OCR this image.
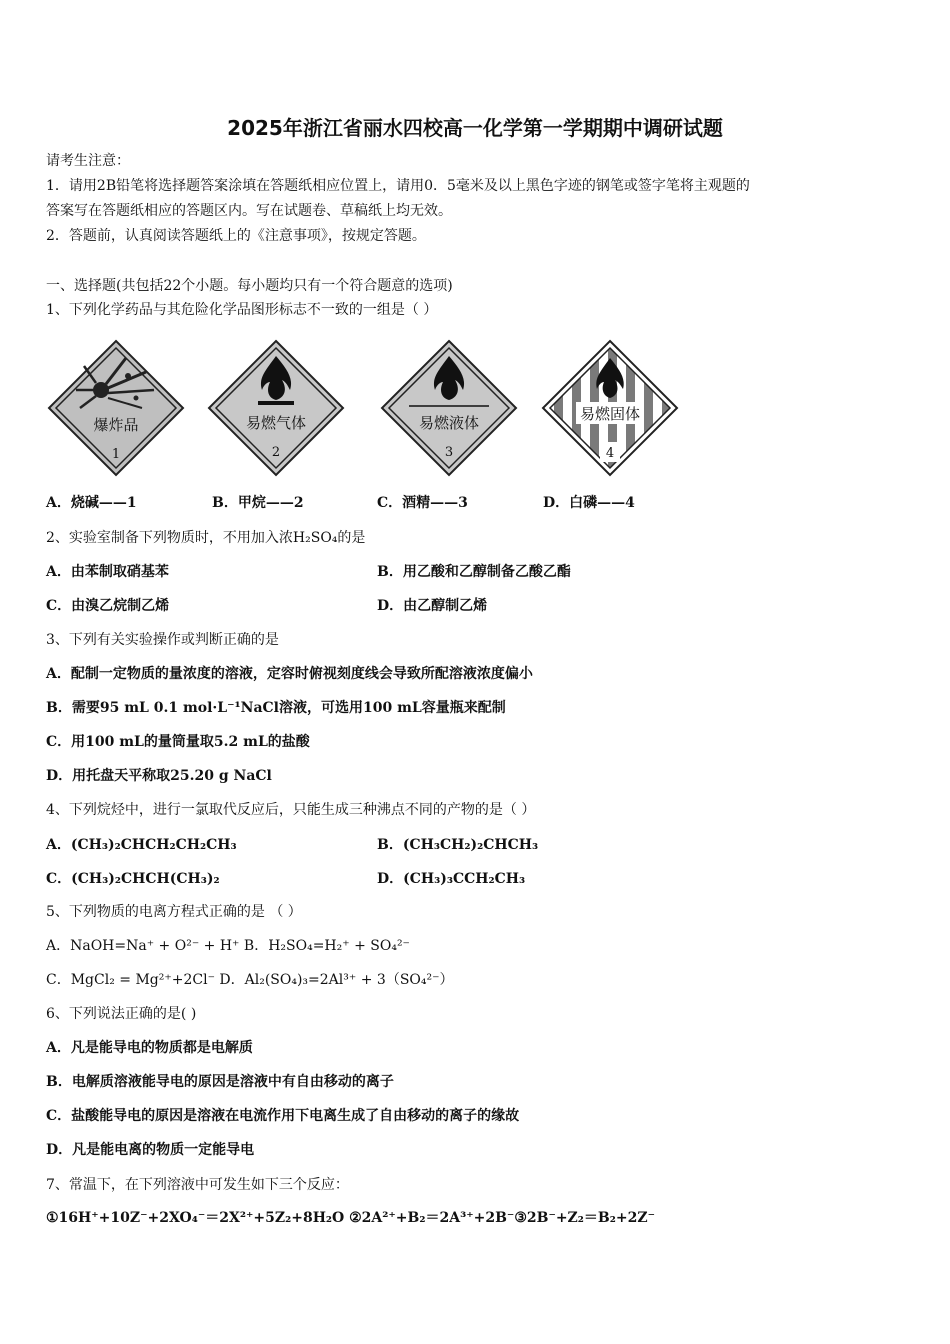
2025年浙江省丽水四校高一化学第一学期期中调研试题
请考生注意：
1．请用2B铅笔将选择题答案涂填在答题纸相应位置上，请用0．5毫米及以上黑色字迹的钢笔或签字笔将主观题的
答案写在答题纸相应的答题区内。写在试题卷、草稿纸上均无效。
2．答题前，认真阅读答题纸上的《注意事项》，按规定答题。
一、选择题(共包括22个小题。每小题均只有一个符合题意的选项)
1、下列化学药品与其危险化学品图形标志不一致的一组是（ ）
爆炸品
1
易燃气体
2
易燃液体
3
易燃固体
4
A．烧碱——1	B．甲烷——2	C．酒精——3	D．白磷——4
2、实验室制备下列物质时，不用加入浓H₂SO₄的是
A．由苯制取硝基苯	B．用乙酸和乙醇制备乙酸乙酯
C．由溴乙烷制乙烯	D．由乙醇制乙烯
3、下列有关实验操作或判断正确的是
A．配制一定物质的量浓度的溶液，定容时俯视刻度线会导致所配溶液浓度偏小
B．需要95 mL 0.1 mol·L⁻¹NaCl溶液，可选用100 mL容量瓶来配制
C．用100 mL的量筒量取5.2 mL的盐酸
D．用托盘天平称取25.20 g NaCl
4、下列烷烃中，进行一氯取代反应后，只能生成三种沸点不同的产物的是（ ）
A．(CH₃)₂CHCH₂CH₂CH₃	B．(CH₃CH₂)₂CHCH₃
C．(CH₃)₂CHCH(CH₃)₂	D．(CH₃)₃CCH₂CH₃
5、下列物质的电离方程式正确的是 （ ）
A．NaOH=Na⁺ + O²⁻ + H⁺ B．H₂SO₄=H₂⁺ + SO₄²⁻
C．MgCl₂ = Mg²⁺+2Cl⁻ D．Al₂(SO₄)₃=2Al³⁺ + 3（SO₄²⁻）
6、下列说法正确的是( )
A．凡是能导电的物质都是电解质
B．电解质溶液能导电的原因是溶液中有自由移动的离子
C．盐酸能导电的原因是溶液在电流作用下电离生成了自由移动的离子的缘故
D．凡是能电离的物质一定能导电
7、常温下，在下列溶液中可发生如下三个反应：
①16H⁺+10Z⁻+2XO₄⁻＝2X²⁺+5Z₂+8H₂O ②2A²⁺+B₂＝2A³⁺+2B⁻③2B⁻+Z₂＝B₂+2Z⁻
